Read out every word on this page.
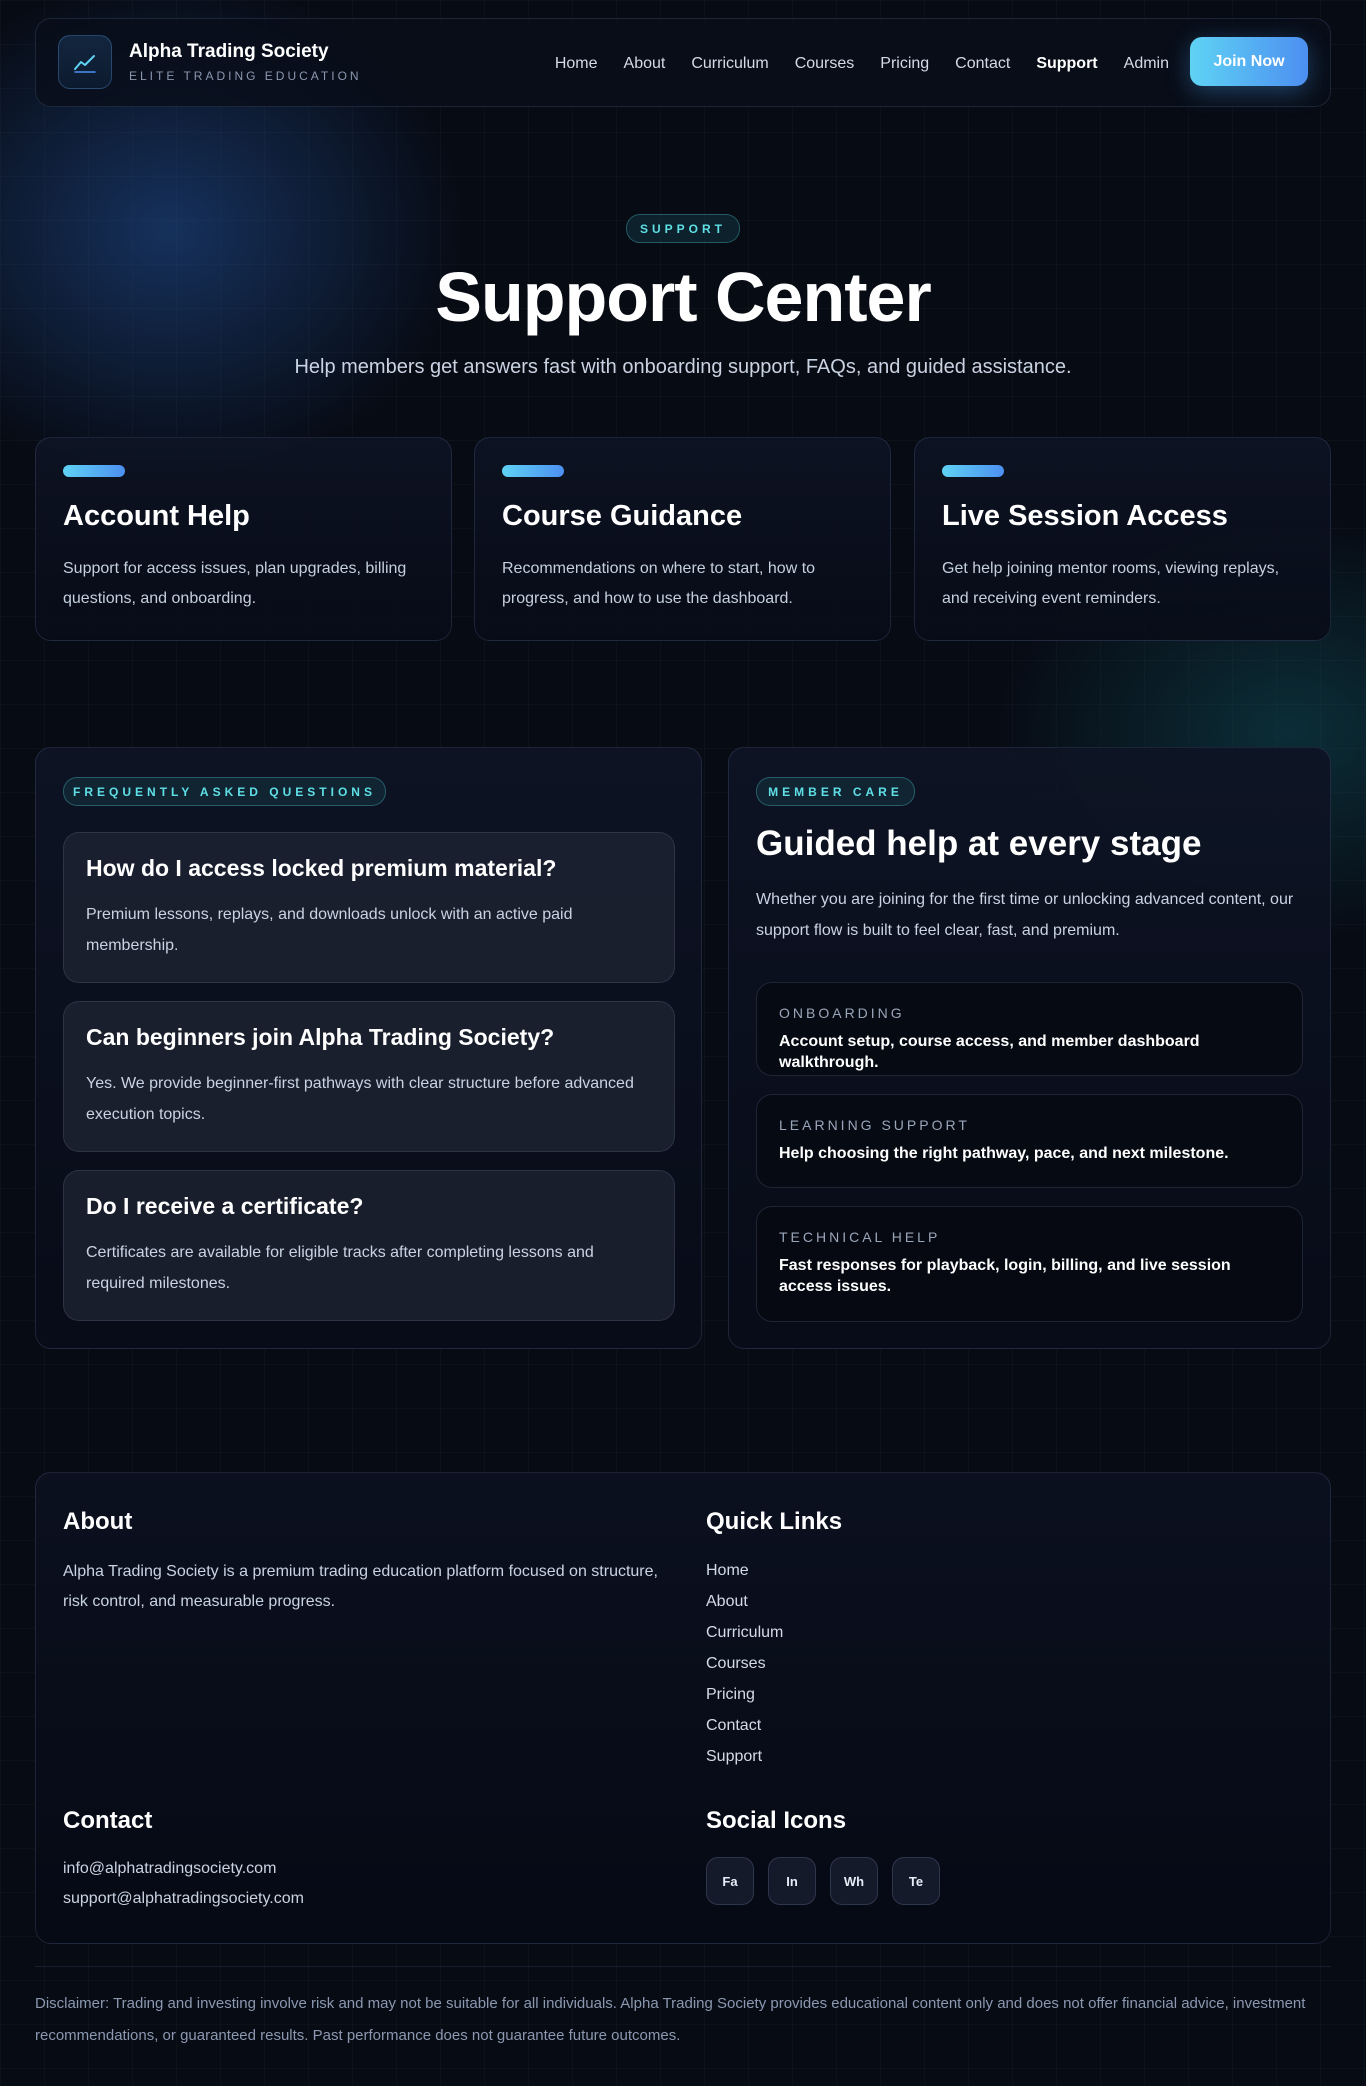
Alpha Trading Society
ELITE TRADING EDUCATION
Home	About	Curriculum	Courses	Pricing	Contact	Support	Admin	Join Now
SUPPORT
Support Center
Help members get answers fast with onboarding support, FAQs, and guided assistance.
Account Help
Support for access issues, plan upgrades, billing questions, and onboarding.
Course Guidance
Recommendations on where to start, how to progress, and how to use the dashboard.
Live Session Access
Get help joining mentor rooms, viewing replays, and receiving event reminders.
FREQUENTLY ASKED QUESTIONS
How do I access locked premium material?
Premium lessons, replays, and downloads unlock with an active paid membership.
Can beginners join Alpha Trading Society?
Yes. We provide beginner-first pathways with clear structure before advanced execution topics.
Do I receive a certificate?
Certificates are available for eligible tracks after completing lessons and required milestones.
MEMBER CARE
Guided help at every stage
Whether you are joining for the first time or unlocking advanced content, our support flow is built to feel clear, fast, and premium.
ONBOARDING
Account setup, course access, and member dashboard walkthrough.
LEARNING SUPPORT
Help choosing the right pathway, pace, and next milestone.
TECHNICAL HELP
Fast responses for playback, login, billing, and live session access issues.
About
Alpha Trading Society is a premium trading education platform focused on structure, risk control, and measurable progress.
Quick Links
Home
About
Curriculum
Courses
Pricing
Contact
Support
Contact
info@alphatradingsociety.com
support@alphatradingsociety.com
Social Icons
Fa	In	Wh	Te
Disclaimer: Trading and investing involve risk and may not be suitable for all individuals. Alpha Trading Society provides educational content only and does not offer financial advice, investment recommendations, or guaranteed results. Past performance does not guarantee future outcomes.
